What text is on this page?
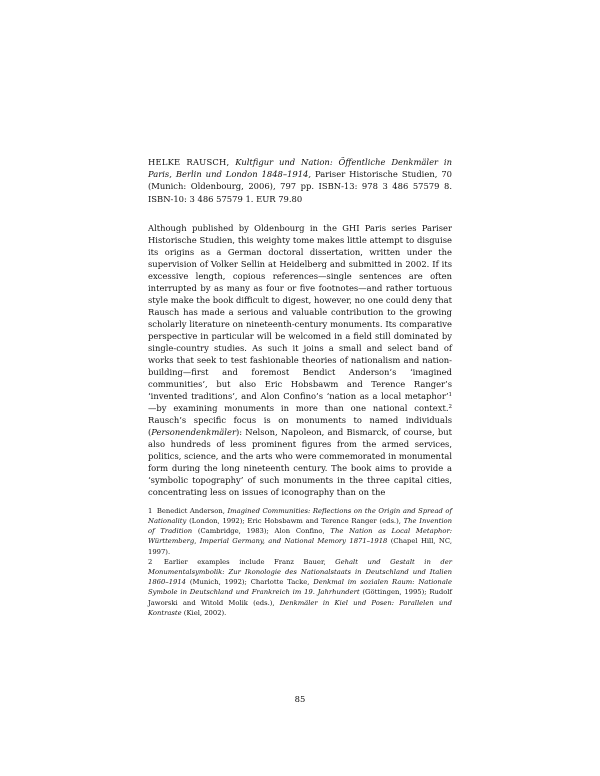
HELKE RAUSCH, Kultfigur und Nation: Öffentliche Denkmäler in Paris, Berlin und London 1848–1914, Pariser Historische Studien, 70 (Munich: Oldenbourg, 2006), 797 pp. ISBN-13: 978 3 486 57579 8. ISBN-10: 3 486 57579 1. EUR 79.80

Although published by Oldenbourg in the GHI Paris series Pariser Historische Studien, this weighty tome makes little attempt to disguise its origins as a German doctoral dissertation, written under the supervision of Volker Sellin at Heidelberg and submitted in 2002. If its excessive length, copious references—single sentences are often interrupted by as many as four or five footnotes—and rather tortuous style make the book difficult to digest, however, no one could deny that Rausch has made a serious and valuable contribution to the growing scholarly literature on nineteenth-century monuments. Its comparative perspective in particular will be welcomed in a field still dominated by single-country studies. As such it joins a small and select band of works that seek to test fashionable theories of nationalism and nation-building—first and foremost Bendict Anderson’s ‘imagined communities’, but also Eric Hobsbawm and Terence Ranger’s ‘invented traditions’, and Alon Confino’s ‘nation as a local metaphor’$^1$—by examining monuments in more than one national context.$^2$ Rausch’s specific focus is on monuments to named individuals (Personendenkmäler): Nelson, Napoleon, and Bismarck, of course, but also hundreds of less prominent figures from the armed services, politics, science, and the arts who were commemorated in monumental form during the long nineteenth century. The book aims to provide a ‘symbolic topography’ of such monuments in the three capital cities, concentrating less on issues of iconography than on the

1 Benedict Anderson, Imagined Communities: Reflections on the Origin and Spread of Nationality (London, 1992); Eric Hobsbawm and Terence Ranger (eds.), The Invention of Tradition (Cambridge, 1983); Alon Confino, The Nation as Local Metaphor: Württemberg, Imperial Germany, and National Memory 1871–1918 (Chapel Hill, NC, 1997).

2 Earlier examples include Franz Bauer, Gehalt und Gestalt in der Monumentalsymbolik: Zur Ikonologie des Nationalstaats in Deutschland und Italien 1860–1914 (Munich, 1992); Charlotte Tacke, Denkmal im sozialen Raum: Nationale Symbole in Deutschland und Frankreich im 19. Jahrhundert (Göttingen, 1995); Rudolf Jaworski and Witold Molik (eds.), Denkmäler in Kiel und Posen: Parallelen und Kontraste (Kiel, 2002).

85
